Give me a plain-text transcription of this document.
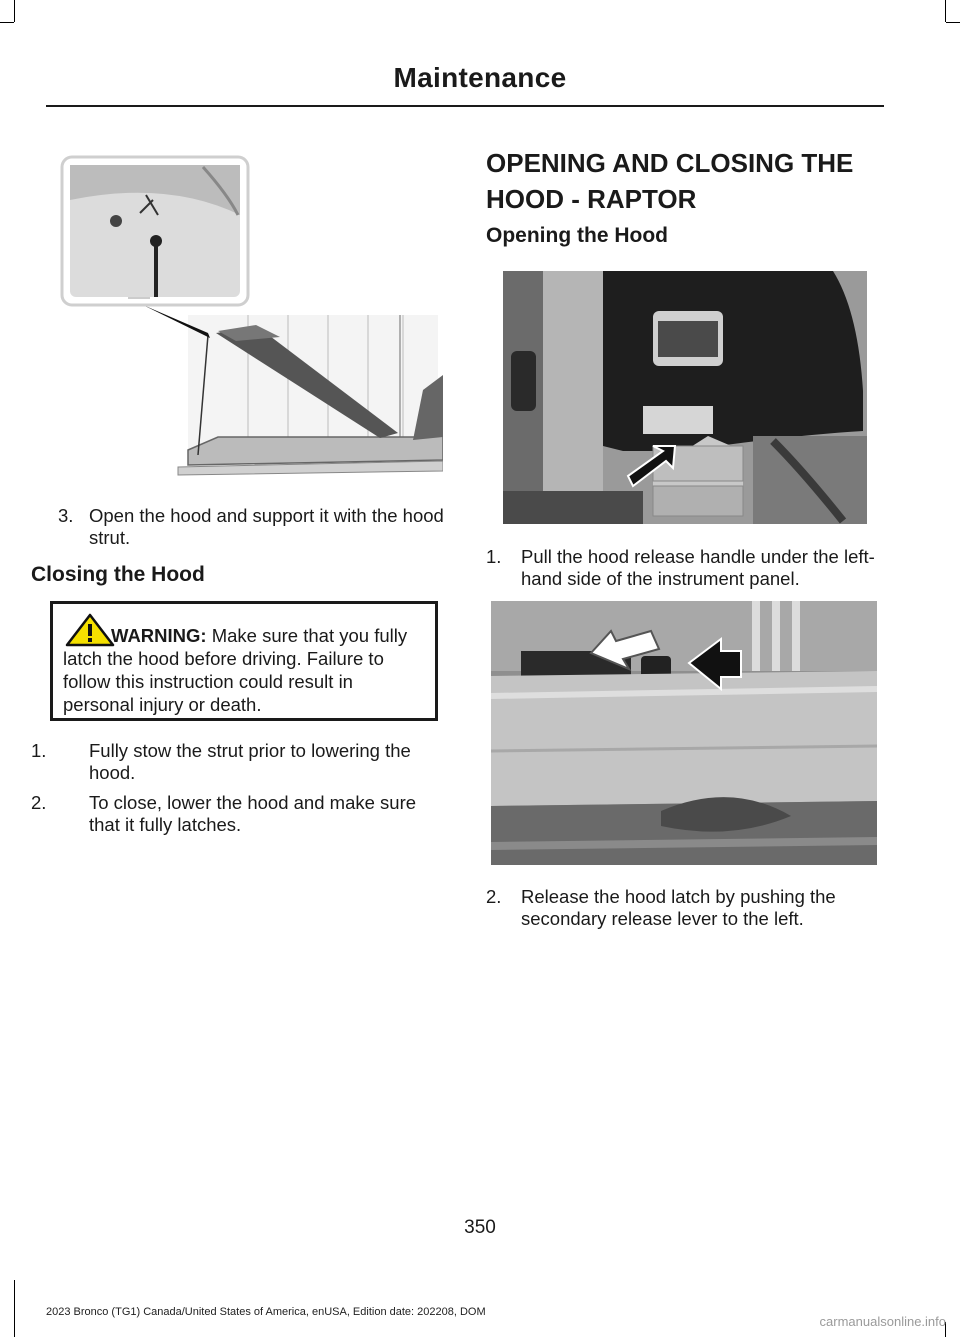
Maintenance
3. Open the hood and support it with the hood strut.
Closing the Hood
WARNING: Make sure that you fully latch the hood before driving. Failure to follow this instruction could result in personal injury or death.
1. Fully stow the strut prior to lowering the hood.
2. To close, lower the hood and make sure that it fully latches.
OPENING AND CLOSING THE
HOOD - RAPTOR
Opening the Hood
1. Pull the hood release handle under the left-hand side of the instrument panel.
2. Release the hood latch by pushing the secondary release lever to the left.
350
2023 Bronco (TG1) Canada/United States of America, enUSA, Edition date: 202208, DOM
carmanualsonline.info
